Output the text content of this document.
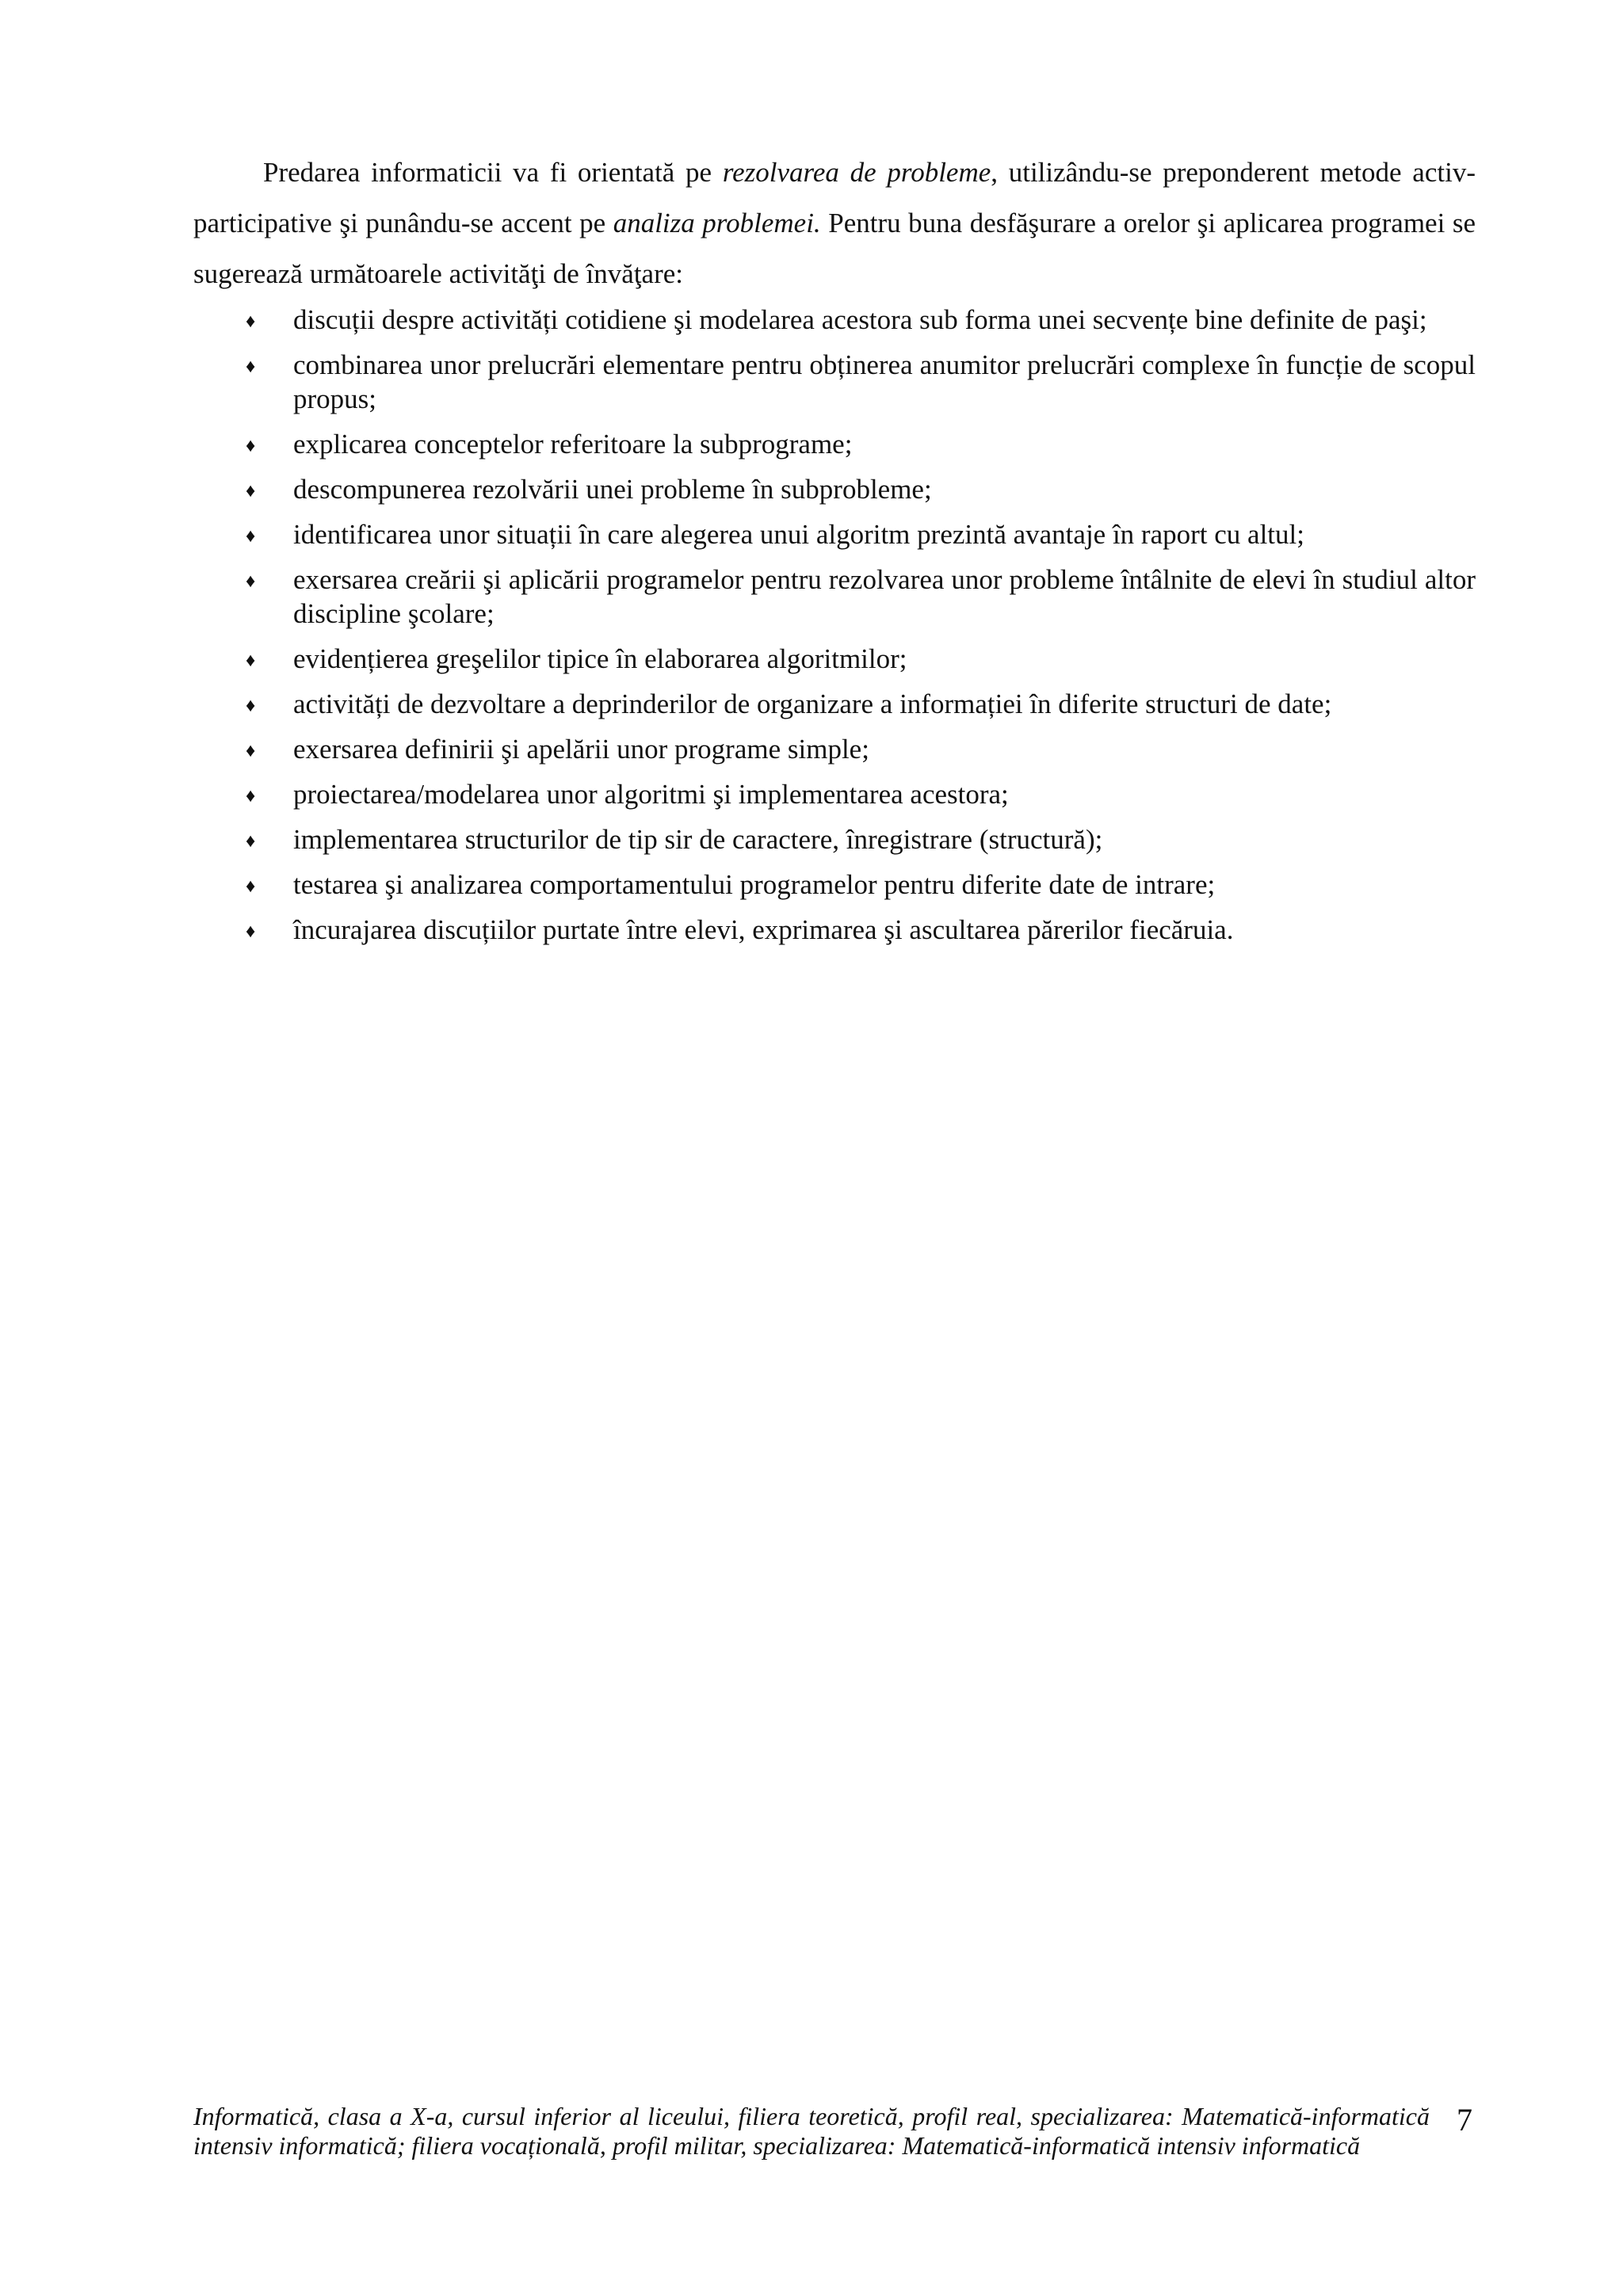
Predarea informaticii va fi orientată pe rezolvarea de probleme, utilizându-se preponderent metode activ-participative şi punându-se accent pe analiza problemei. Pentru buna desfăşurare a orelor şi aplicarea programei se sugerează următoarele activităţi de învăţare:

♦ discuții despre activități cotidiene şi modelarea acestora sub forma unei secvențe bine definite de paşi;
♦ combinarea unor prelucrări elementare pentru obținerea anumitor prelucrări complexe în funcție de scopul propus;
♦ explicarea conceptelor referitoare la subprograme;
♦ descompunerea rezolvării unei probleme în subprobleme;
♦ identificarea unor situații în care alegerea unui algoritm prezintă avantaje în raport cu altul;
♦ exersarea creării şi aplicării programelor pentru rezolvarea unor probleme întâlnite de elevi în studiul altor discipline şcolare;
♦ evidențierea greşelilor tipice în elaborarea algoritmilor;
♦ activități de dezvoltare a deprinderilor de organizare a informației în diferite structuri de date;
♦ exersarea definirii şi apelării unor programe simple;
♦ proiectarea/modelarea unor algoritmi şi implementarea acestora;
♦ implementarea structurilor de tip sir de caractere, înregistrare (structură);
♦ testarea şi analizarea comportamentului programelor pentru diferite date de intrare;
♦ încurajarea discuțiilor purtate între elevi, exprimarea şi ascultarea părerilor fiecăruia.

Informatică, clasa a X-a, cursul inferior al liceului, filiera teoretică, profil real, specializarea: Matematică-informatică intensiv informatică; filiera vocațională, profil militar, specializarea: Matematică-informatică intensiv informatică

7
